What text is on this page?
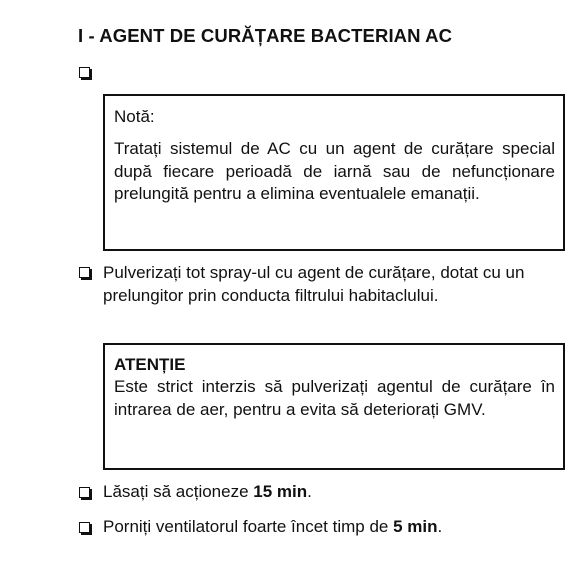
I - AGENT DE CURĂȚARE BACTERIAN AC
Notă:
Tratați sistemul de AC cu un agent de curățare special după fiecare perioadă de iarnă sau de nefuncționare prelungită pentru a elimina eventualele emanații.
Pulverizați tot spray-ul cu agent de curățare, dotat cu un prelungitor prin conducta filtrului habitaclului.
ATENȚIE
Este strict interzis să pulverizați agentul de curățare în intrarea de aer, pentru a evita să deteriorați GMV.
Lăsați să acționeze 15 min.
Porniți ventilatorul foarte încet timp de 5 min.
